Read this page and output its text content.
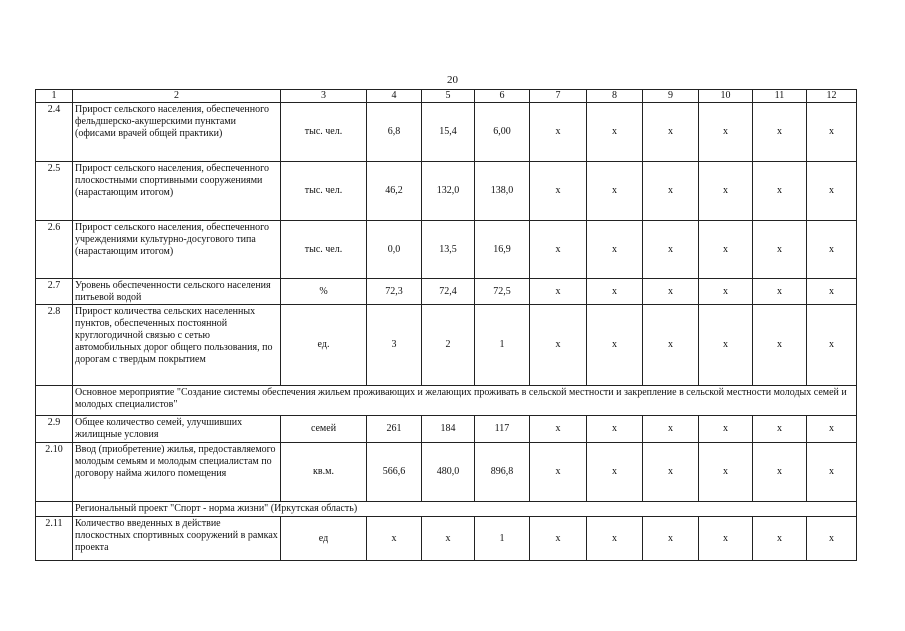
20
1	2	3	4	5	6	7	8	9	10	11	12
2.4	Прирост сельского населения, обеспеченного фельдшерско-акушерскими пунктами (офисами врачей общей практики)	тыс. чел.	6,8	15,4	6,00	x	x	x	x	x	x
2.5	Прирост сельского населения, обеспеченного плоскостными спортивными сооружениями (нарастающим итогом)	тыс. чел.	46,2	132,0	138,0	x	x	x	x	x	x
2.6	Прирост сельского населения, обеспеченного учреждениями культурно-досугового типа (нарастающим итогом)	тыс. чел.	0,0	13,5	16,9	x	x	x	x	x	x
2.7	Уровень обеспеченности сельского населения питьевой водой	%	72,3	72,4	72,5	x	x	x	x	x	x
2.8	Прирост количества сельских населенных пунктов, обеспеченных постоянной круглогодичной связью с сетью автомобильных дорог общего пользования, по дорогам с твердым покрытием	ед.	3	2	1	x	x	x	x	x	x
	Основное мероприятие "Создание системы обеспечения жильем проживающих и желающих проживать в сельской местности и закрепление в сельской местности молодых семей и молодых специалистов"										
2.9	Общее количество семей, улучшивших жилищные условия	семей	261	184	117	x	x	x	x	x	x
2.10	Ввод (приобретение) жилья, предоставляемого молодым семьям и молодым специалистам по договору найма жилого помещения	кв.м.	566,6	480,0	896,8	x	x	x	x	x	x
	Региональный проект "Спорт - норма жизни" (Иркутская область)										
2.11	Количество введенных в действие плоскостных спортивных сооружений в рамках проекта	ед	x	x	1	x	x	x	x	x	x
